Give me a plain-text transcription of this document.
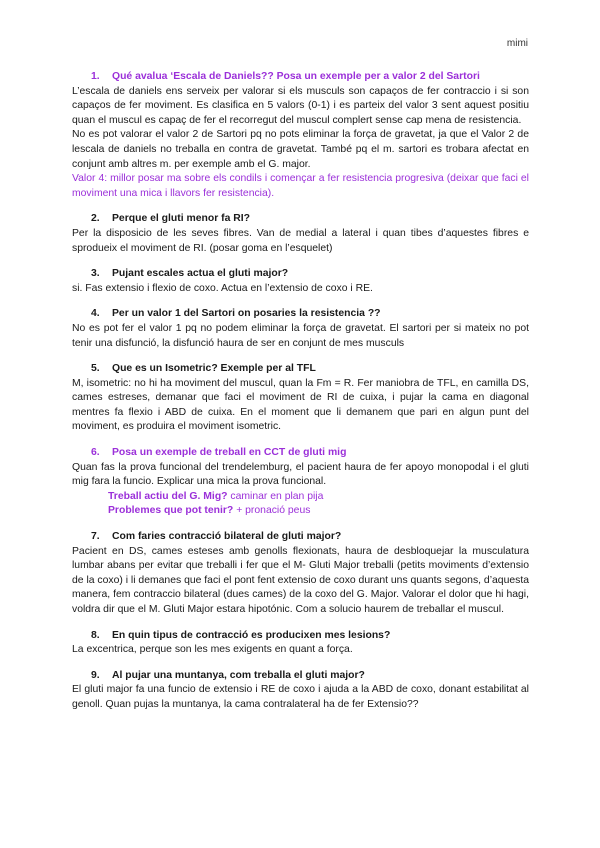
mimi

1.	Qué avalua ‘Escala de Daniels?? Posa un exemple per a valor 2 del Sartori

L’escala de daniels ens serveix per valorar si els musculs son capaços de fer contraccio i si son capaços de fer moviment. Es clasifica en 5 valors (0-1) i es parteix del valor 3 sent aquest positiu quan el muscul es capaç de fer el recorregut del muscul complert sense cap mena de resistencia.

No es pot valorar el valor 2 de Sartori pq no pots eliminar la força de gravetat, ja que el Valor 2 de lescala de daniels no treballa en contra de gravetat. També pq el m. sartori es trobara afectat en conjunt amb altres m. per exemple amb el G. major.

Valor 4: millor posar ma sobre els condils i començar a fer resistencia progresiva (deixar que faci el moviment una mica i llavors fer resistencia).

2.	Perque el gluti menor fa RI?

Per la disposicio de les seves fibres. Van de medial a lateral i quan tibes d’aquestes fibres e sprodueix el moviment de RI. (posar goma en l’esquelet)

3.	Pujant escales actua el gluti major?

si. Fas extensio i flexio de coxo. Actua en l’extensio de coxo i RE.

4.	Per un valor 1 del Sartori on posaries la resistencia ??

No es pot fer el valor 1 pq no podem eliminar la força de gravetat. El sartori per si mateix no pot tenir una disfunció, la disfunció haura de ser en conjunt de mes musculs

5.	Que es un Isometric? Exemple per al TFL

M, isometric: no hi ha moviment del muscul, quan la Fm = R. Fer maniobra de TFL, en camilla DS, cames estreses, demanar que faci el moviment de RI de cuixa, i pujar la cama en diagonal mentres fa flexio i ABD de cuixa. En el moment que li demanem que pari en algun punt del moviment, es produira el moviment isometric.

6.	Posa un exemple de treball en CCT de gluti mig

Quan fas la prova funcional del trendelemburg, el pacient haura de fer apoyo monopodal i el gluti mig fara la funcio. Explicar una mica la prova funcional.

Treball actiu del G. Mig? caminar en plan pija

Problemes que pot tenir? + pronació peus

7.	Com faries contracció bilateral de gluti major?

Pacient en DS, cames esteses amb genolls flexionats, haura de desbloquejar la musculatura lumbar abans per evitar que treballi i fer que el M- Gluti Major treballi (petits moviments d’extensio de la coxo) i li demanes que faci el pont fent extensio de coxo durant uns quants segons, d’aquesta manera, fem contraccio bilateral (dues cames) de la coxo del G. Major. Valorar el dolor que hi hagi, voldra dir que el M. Gluti Major estara hipotónic. Com a solucio haurem de treballar el muscul.

8.	En quin tipus de contracció es producixen mes lesions?

La excentrica, perque son les mes exigents en quant a força.

9.	Al pujar una muntanya, com treballa el gluti major?

El gluti major fa una funcio de extensio i RE de coxo i ajuda a la ABD de coxo, donant estabilitat al genoll. Quan pujas la muntanya, la cama contralateral ha de fer Extensio??
